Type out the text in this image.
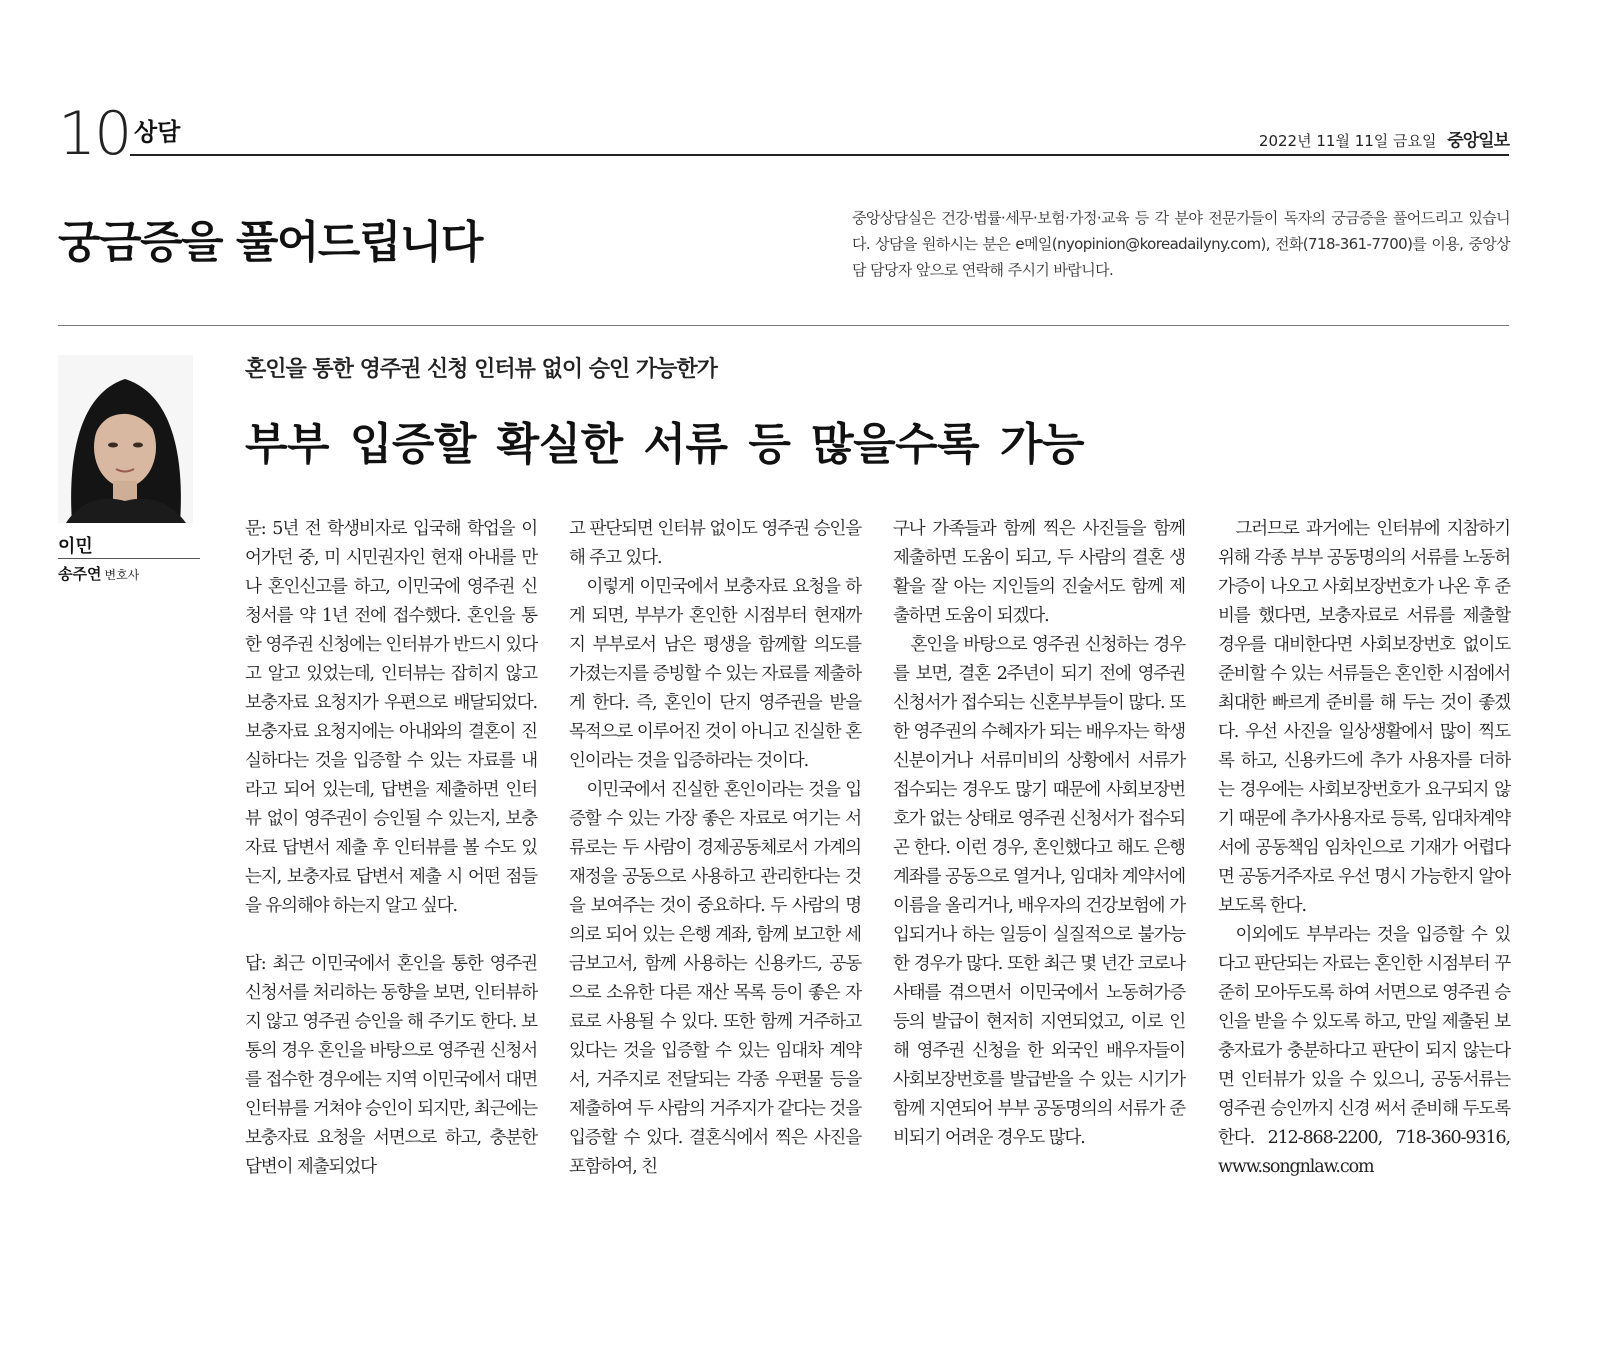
10 상담	2022년 11월 11일 금요일 중앙일보
궁금증을 풀어드립니다	중앙상담실은 건강·법률·세무·보험·가정·교육 등 각 분야 전문가들이 독자의 궁금증을 풀어드리고 있습니다. 상담을 원하시는 분은 e메일(nyopinion@koreadailyny.com), 전화(718-361-7700)를 이용, 중앙상담 담당자 앞으로 연락해 주시기 바랍니다.
이민
송주연 변호사
혼인을 통한 영주권 신청 인터뷰 없이 승인 가능한가
부부 입증할 확실한 서류 등 많을수록 가능

문: 5년 전 학생비자로 입국해 학업을 이어가던 중, 미 시민권자인 현재 아내를 만나 혼인신고를 하고, 이민국에 영주권 신청서를 약 1년 전에 접수했다. 혼인을 통한 영주권 신청에는 인터뷰가 반드시 있다고 알고 있었는데, 인터뷰는 잡히지 않고 보충자료 요청지가 우편으로 배달되었다. 보충자료 요청지에는 아내와의 결혼이 진실하다는 것을 입증할 수 있는 자료를 내라고 되어 있는데, 답변을 제출하면 인터뷰 없이 영주권이 승인될 수 있는지, 보충자료 답변서 제출 후 인터뷰를 볼 수도 있는지, 보충자료 답변서 제출 시 어떤 점들을 유의해야 하는지 알고 싶다.

답: 최근 이민국에서 혼인을 통한 영주권 신청서를 처리하는 동향을 보면, 인터뷰하지 않고 영주권 승인을 해 주기도 한다. 보통의 경우 혼인을 바탕으로 영주권 신청서를 접수한 경우에는 지역 이민국에서 대면 인터뷰를 거쳐야 승인이 되지만, 최근에는 보충자료 요청을 서면으로 하고, 충분한 답변이 제출되었다

고 판단되면 인터뷰 없이도 영주권 승인을 해 주고 있다.

이렇게 이민국에서 보충자료 요청을 하게 되면, 부부가 혼인한 시점부터 현재까지 부부로서 남은 평생을 함께할 의도를 가졌는지를 증빙할 수 있는 자료를 제출하게 한다. 즉, 혼인이 단지 영주권을 받을 목적으로 이루어진 것이 아니고 진실한 혼인이라는 것을 입증하라는 것이다.

이민국에서 진실한 혼인이라는 것을 입증할 수 있는 가장 좋은 자료로 여기는 서류로는 두 사람이 경제공동체로서 가계의 재정을 공동으로 사용하고 관리한다는 것을 보여주는 것이 중요하다. 두 사람의 명의로 되어 있는 은행 계좌, 함께 보고한 세금보고서, 함께 사용하는 신용카드, 공동으로 소유한 다른 재산 목록 등이 좋은 자료로 사용될 수 있다. 또한 함께 거주하고 있다는 것을 입증할 수 있는 임대차 계약서, 거주지로 전달되는 각종 우편물 등을 제출하여 두 사람의 거주지가 같다는 것을 입증할 수 있다. 결혼식에서 찍은 사진을 포함하여, 친

구나 가족들과 함께 찍은 사진들을 함께 제출하면 도움이 되고, 두 사람의 결혼 생활을 잘 아는 지인들의 진술서도 함께 제출하면 도움이 되겠다.

혼인을 바탕으로 영주권 신청하는 경우를 보면, 결혼 2주년이 되기 전에 영주권 신청서가 접수되는 신혼부부들이 많다. 또한 영주권의 수혜자가 되는 배우자는 학생 신분이거나 서류미비의 상황에서 서류가 접수되는 경우도 많기 때문에 사회보장번호가 없는 상태로 영주권 신청서가 접수되곤 한다. 이런 경우, 혼인했다고 해도 은행 계좌를 공동으로 열거나, 임대차 계약서에 이름을 올리거나, 배우자의 건강보험에 가입되거나 하는 일등이 실질적으로 불가능한 경우가 많다. 또한 최근 몇 년간 코로나 사태를 겪으면서 이민국에서 노동허가증 등의 발급이 현저히 지연되었고, 이로 인해 영주권 신청을 한 외국인 배우자들이 사회보장번호를 발급받을 수 있는 시기가 함께 지연되어 부부 공동명의의 서류가 준비되기 어려운 경우도 많다.

그러므로 과거에는 인터뷰에 지참하기 위해 각종 부부 공동명의의 서류를 노동허가증이 나오고 사회보장번호가 나온 후 준비를 했다면, 보충자료로 서류를 제출할 경우를 대비한다면 사회보장번호 없이도 준비할 수 있는 서류들은 혼인한 시점에서 최대한 빠르게 준비를 해 두는 것이 좋겠다. 우선 사진을 일상생활에서 많이 찍도록 하고, 신용카드에 추가 사용자를 더하는 경우에는 사회보장번호가 요구되지 않기 때문에 추가사용자로 등록, 임대차계약서에 공동책임 임차인으로 기재가 어렵다면 공동거주자로 우선 명시 가능한지 알아보도록 한다.

이외에도 부부라는 것을 입증할 수 있다고 판단되는 자료는 혼인한 시점부터 꾸준히 모아두도록 하여 서면으로 영주권 승인을 받을 수 있도록 하고, 만일 제출된 보충자료가 충분하다고 판단이 되지 않는다면 인터뷰가 있을 수 있으니, 공동서류는 영주권 승인까지 신경 써서 준비해 두도록 한다. 212-868-2200, 718-360-9316, www.songnlaw.com
